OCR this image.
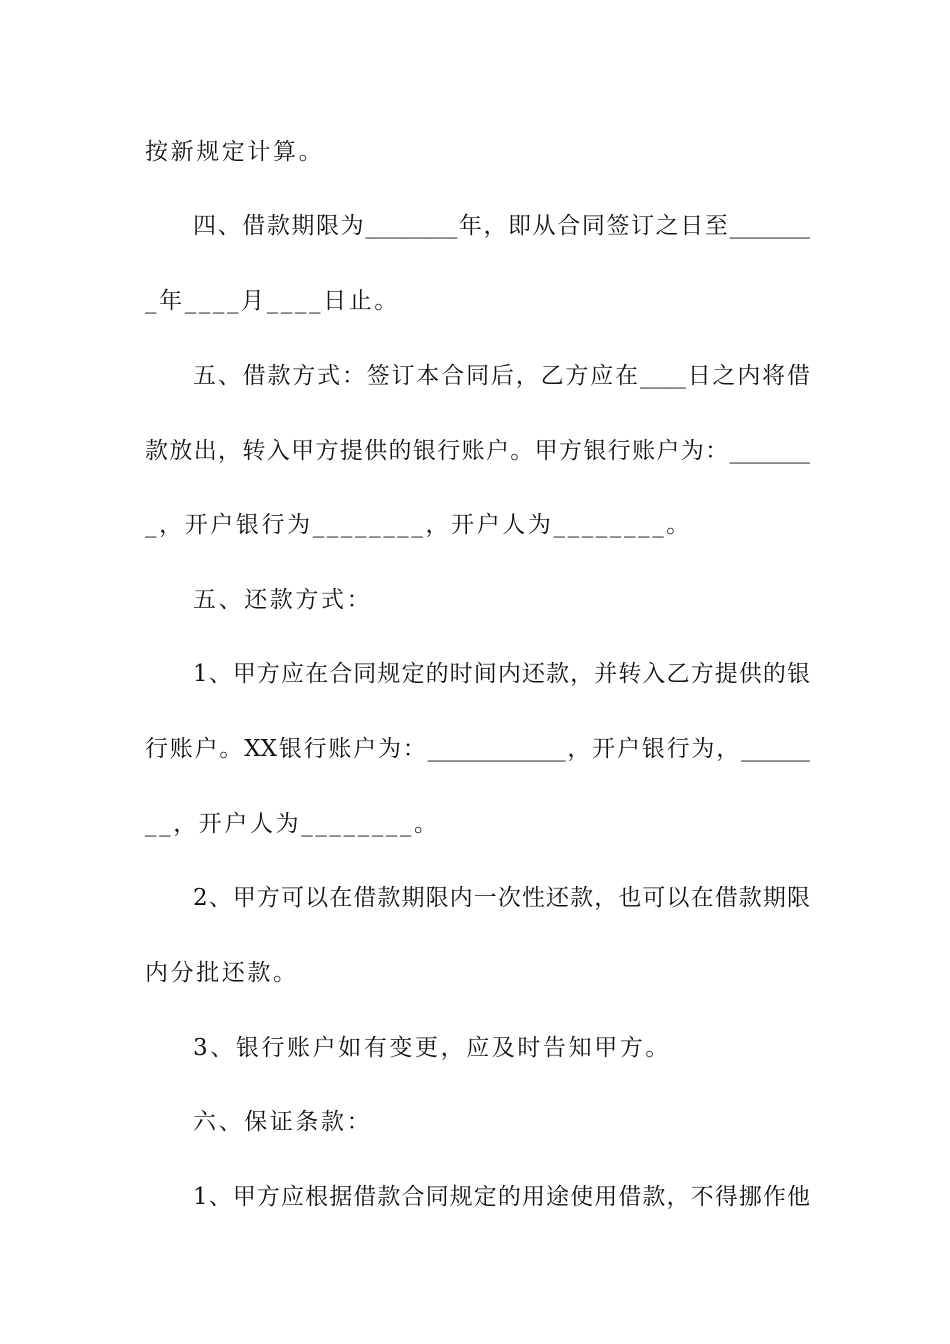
按新规定计算。
四、借款期限为________年，即从合同签订之日至_______
_年____月____日止。
五、借款方式：签订本合同后，乙方应在____日之内将借
款放出，转入甲方提供的银行账户。甲方银行账户为：_______
_，开户银行为________，开户人为________。
五、还款方式：
1、甲方应在合同规定的时间内还款，并转入乙方提供的银
行账户。XX银行账户为：____________，开户银行为，______
__，开户人为________。
2、甲方可以在借款期限内一次性还款，也可以在借款期限
内分批还款。
3、银行账户如有变更，应及时告知甲方。
六、保证条款：
1、甲方应根据借款合同规定的用途使用借款，不得挪作他
